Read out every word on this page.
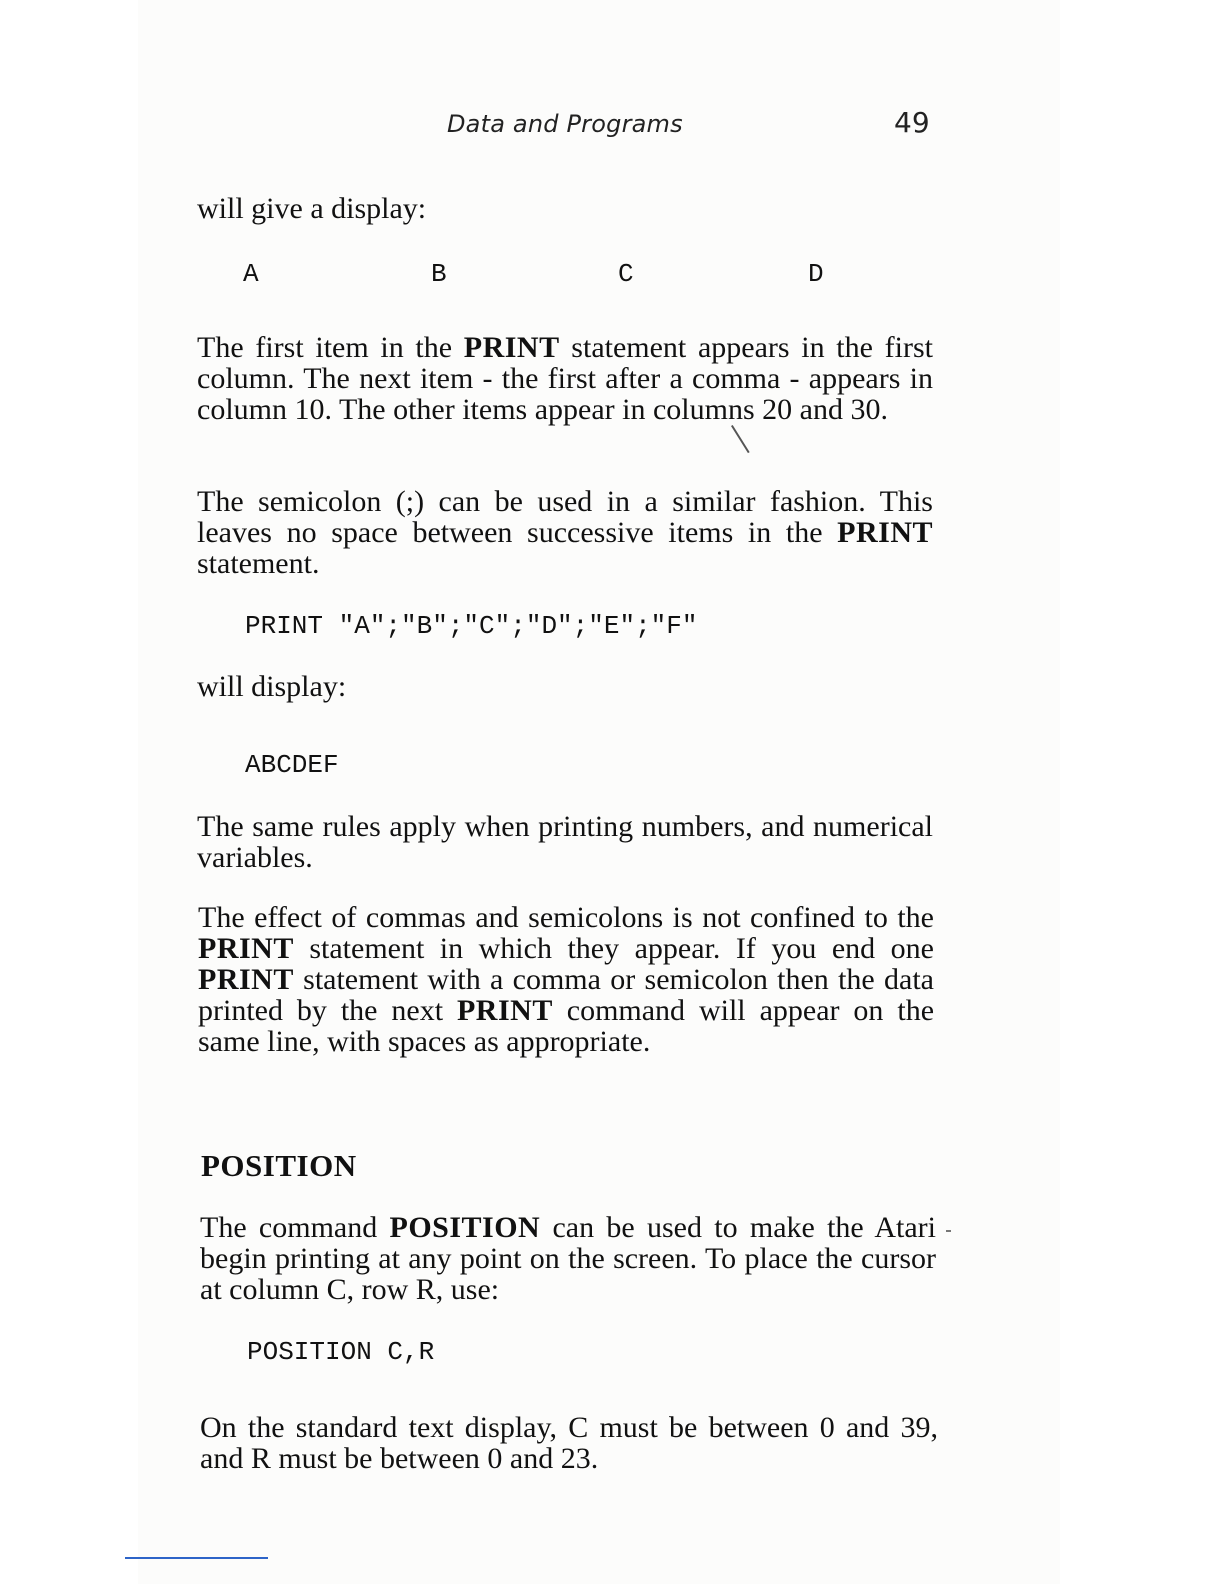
Data and Programs	49

will give a display:

A	B	C	D

The first item in the PRINT statement appears in the first column. The next item - the first after a comma - appears in column 10. The other items appear in columns 20 and 30.

The semicolon (;) can be used in a similar fashion. This leaves no space between successive items in the PRINT statement.

PRINT "A";"B";"C";"D";"E";"F"

will display:

ABCDEF

The same rules apply when printing numbers, and numerical variables.

The effect of commas and semicolons is not confined to the PRINT statement in which they appear. If you end one PRINT statement with a comma or semicolon then the data printed by the next PRINT command will appear on the same line, with spaces as appropriate.

POSITION

The command POSITION can be used to make the Atari begin printing at any point on the screen. To place the cursor at column C, row R, use:

POSITION C,R

On the standard text display, C must be between 0 and 39, and R must be between 0 and 23.
